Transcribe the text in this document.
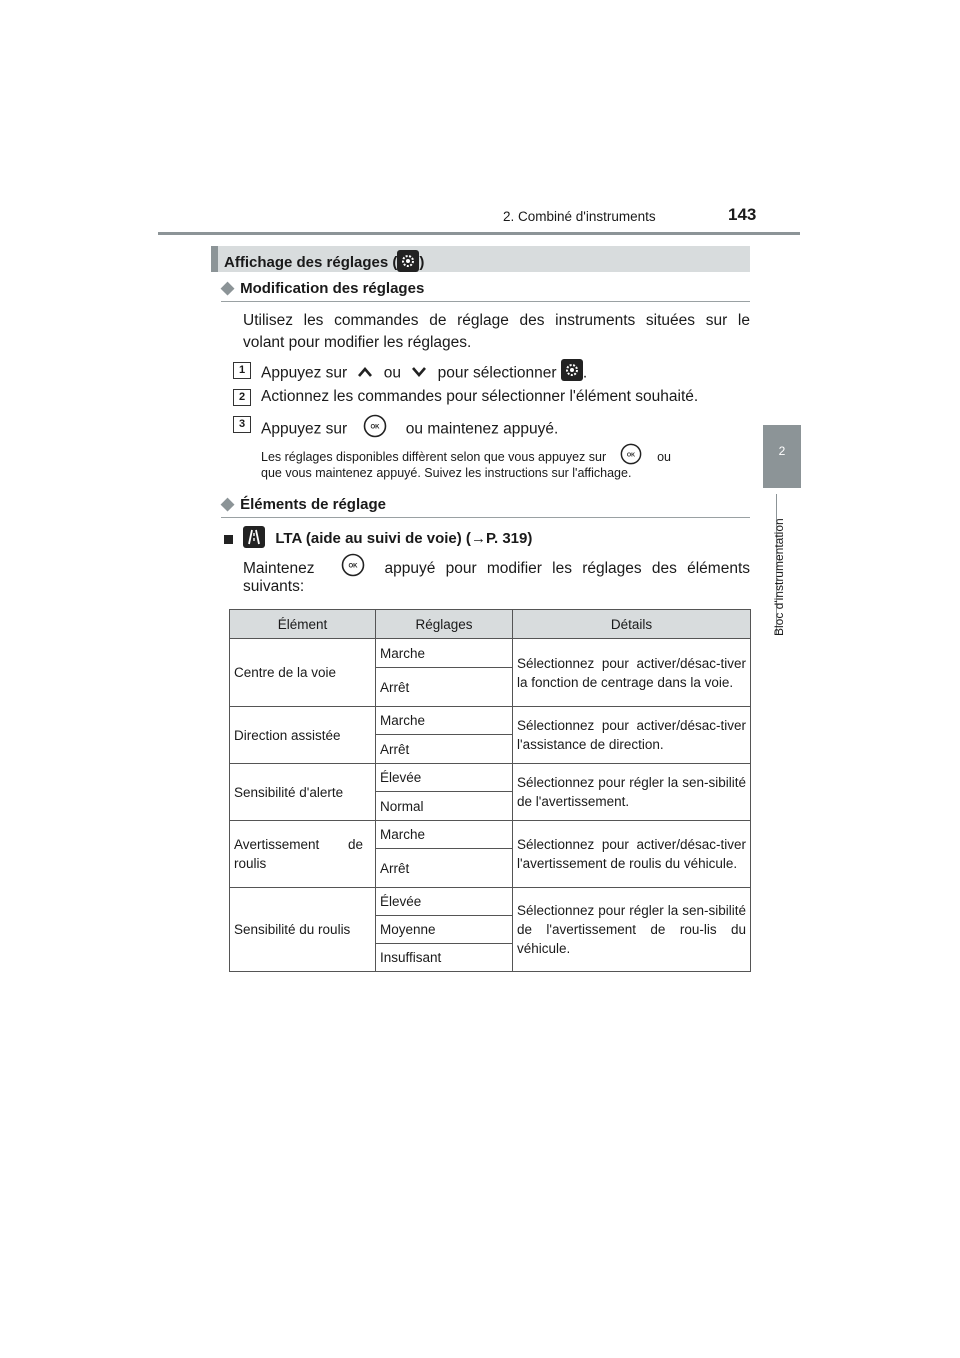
2. Combiné d'instruments	143
2
Bloc d'instrumentation
Affichage des réglages ( )
◆ Modification des réglages
Utilisez les commandes de réglage des instruments situées sur le
volant pour modifier les réglages.
1	Appuyez sur ou pour sélectionner .
2	Actionnez les commandes pour sélectionner l'élément souhaité.
3	Appuyez sur	OK ou maintenez appuyé.
Les réglages disponibles diffèrent selon que vous appuyez sur	OK ou
que vous maintenez appuyé. Suivez les instructions sur l'affichage.
◆ Éléments de réglage
LTA (aide au suivi de voie) (→P. 319)
Maintenez	OK appuyé pour modifier les réglages des éléments
suivants:
Élément	Réglages	Détails
Centre de la voie	Marche	Sélectionnez pour activer/désac-tiver la fonction de centrage dans la voie.
	Arrêt	
Direction assistée	Marche	Sélectionnez pour activer/désac-tiver l'assistance de direction.
	Arrêt	
Sensibilité d'alerte	Élevée	Sélectionnez pour régler la sen-sibilité de l'avertissement.
	Normal	

Avertissement de roulis	Marche	Sélectionnez pour activer/désac-tiver l'avertissement de roulis du véhicule.
	Arrêt	
Sensibilité du roulis	Élevée	Sélectionnez pour régler la sen-sibilité de l'avertissement de rou-lis du véhicule.
	Moyenne	
	Insuffisant	
